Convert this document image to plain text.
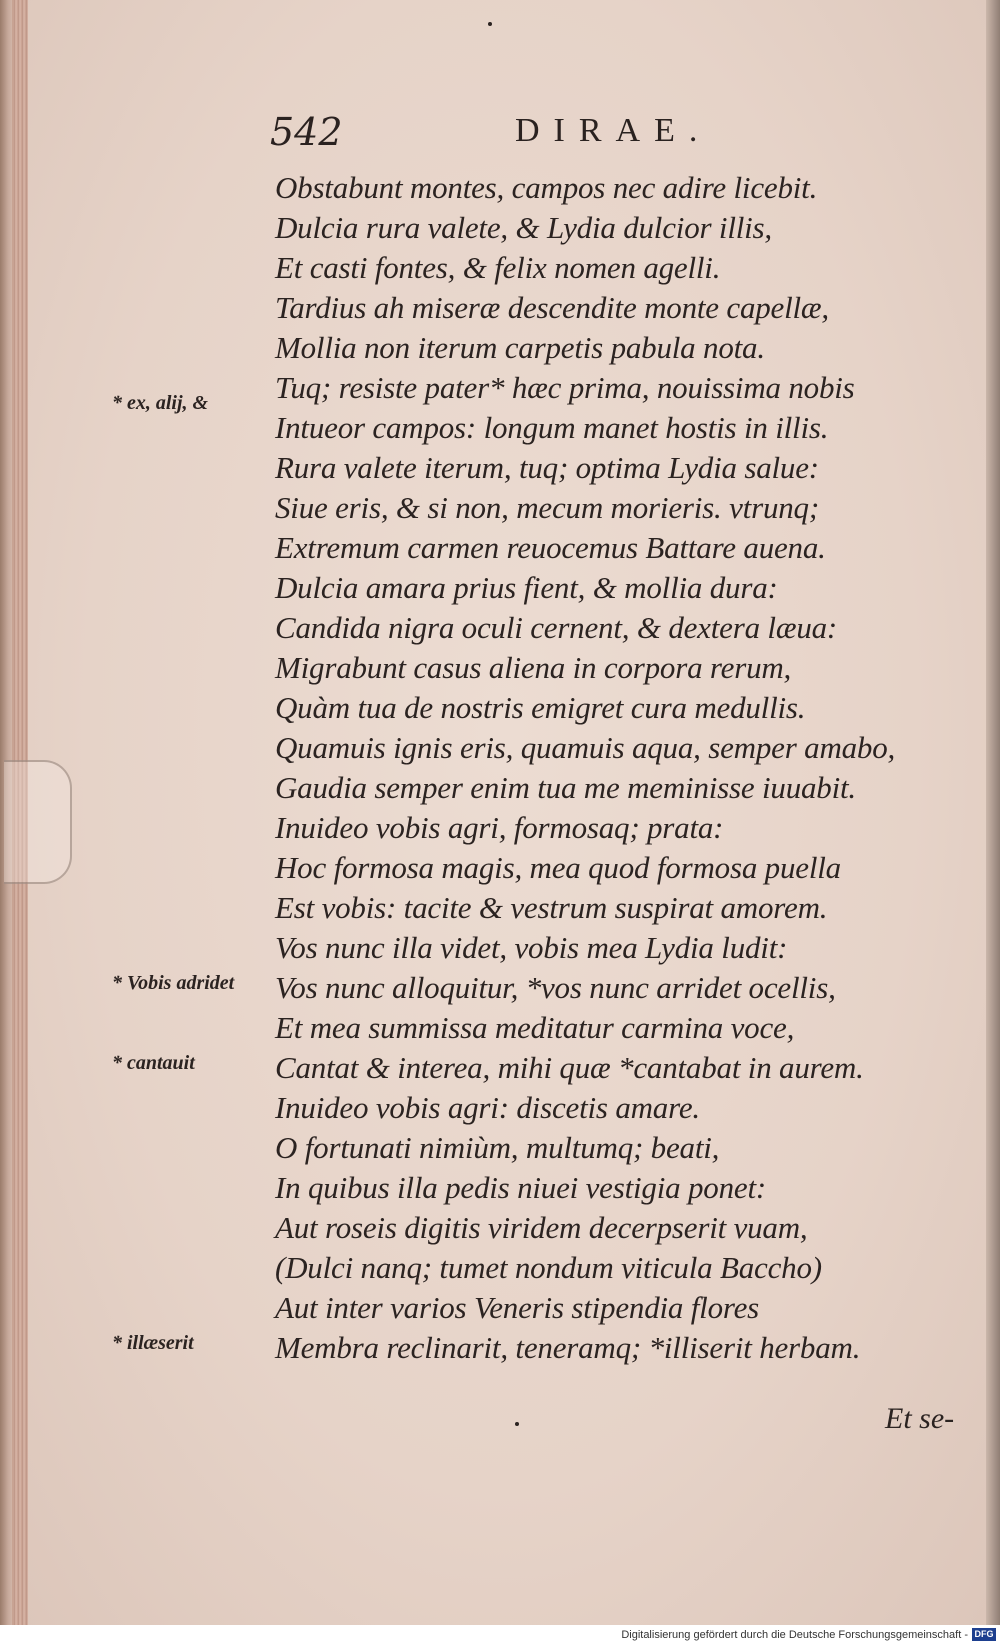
542	DIRAE.
Obstabunt montes, campos nec adire licebit.
Dulcia rura valete, & Lydia dulcior illis,
Et casti fontes, & felix nomen agelli.
Tardius ah miseræ descendite monte capellæ,
Mollia non iterum carpetis pabula nota.
Tuq; resiste pater* hæc prima, nouissima nobis
Intueor campos: longum manet hostis in illis.
Rura valete iterum, tuq; optima Lydia salue:
Siue eris, & si non, mecum morieris. vtrunq;
Extremum carmen reuocemus Battare auena.
Dulcia amara prius fient, & mollia dura:
Candida nigra oculi cernent, & dextera læua:
Migrabunt casus aliena in corpora rerum,
Quàm tua de nostris emigret cura medullis.
Quamuis ignis eris, quamuis aqua, semper amabo,
Gaudia semper enim tua me meminisse iuuabit.
Inuideo vobis agri, formosaq; prata:
Hoc formosa magis, mea quod formosa puella
Est vobis: tacite & vestrum suspirat amorem.
Vos nunc illa videt, vobis mea Lydia ludit:
Vos nunc alloquitur, *vos nunc arridet ocellis,
Et mea summissa meditatur carmina voce,
Cantat & interea, mihi quæ *cantabat in aurem.
Inuideo vobis agri: discetis amare.
O fortunati nimiùm, multumq; beati,
In quibus illa pedis niuei vestigia ponet:
Aut roseis digitis viridem decerpserit vuam,
(Dulci nanq; tumet nondum viticula Baccho)
Aut inter varios Veneris stipendia flores
Membra reclinarit, teneramq; *illiserit herbam.
* ex, alij, &
* Vobis adridet
* cantauit
* illæserit
Et se-
Digitalisierung gefördert durch die Deutsche Forschungsgemeinschaft - DFG
